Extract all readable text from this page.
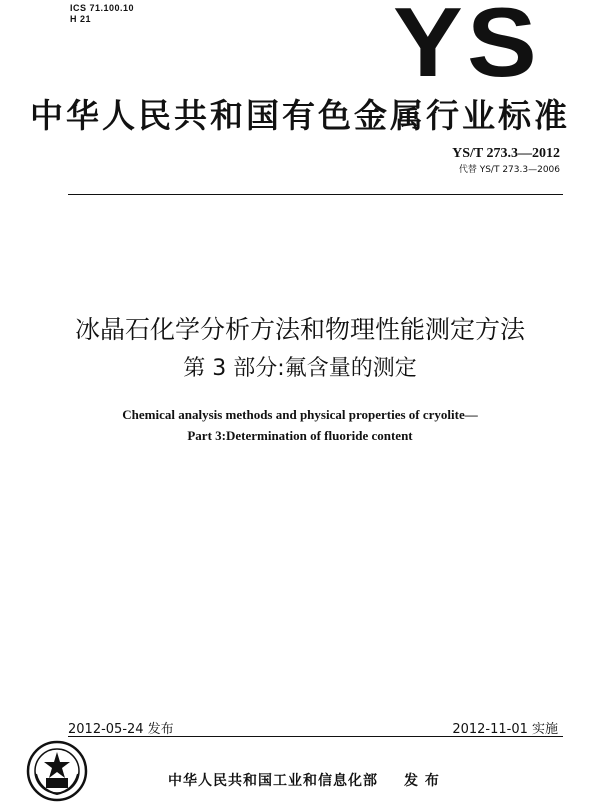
ICS 71.100.10
H 21	YS
中华人民共和国有色金属行业标准
YS/T 273.3—2012
代替 YS/T 273.3—2006
冰晶石化学分析方法和物理性能测定方法
第 3 部分:氟含量的测定
Chemical analysis methods and physical properties of cryolite—
Part 3:Determination of fluoride content
2012-05-24 发布	2012-11-01 实施
中华人民共和国工业和信息化部 发 布
